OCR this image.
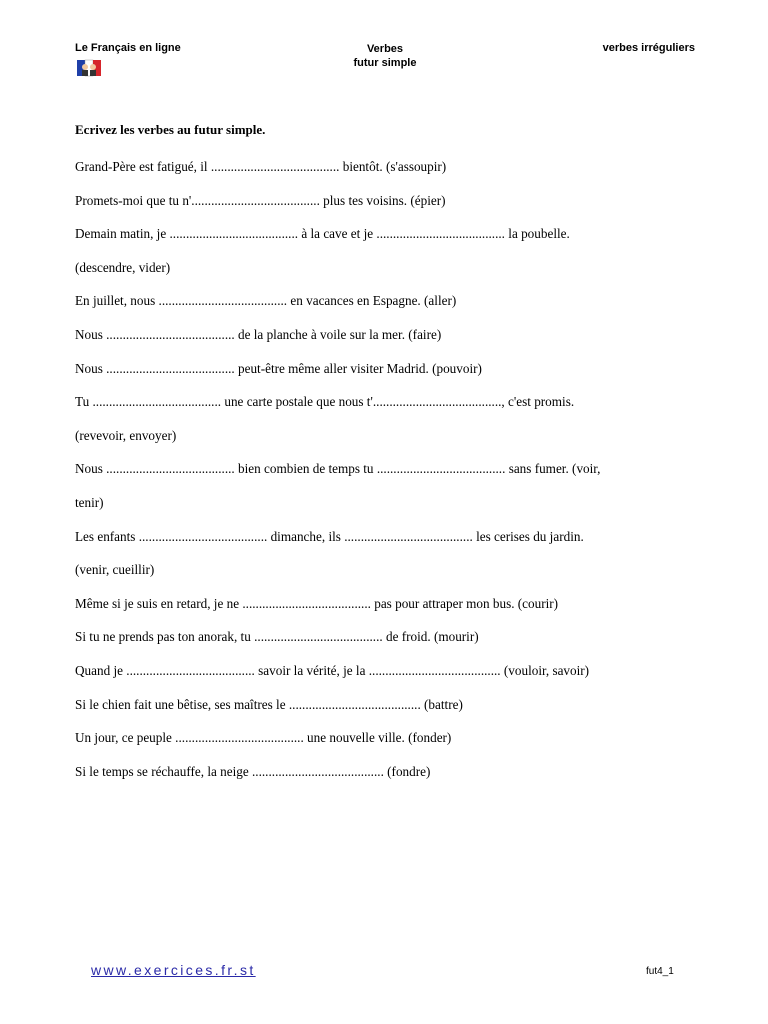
Le Français en ligne	Verbes
futur simple
verbes irréguliers
Ecrivez les verbes au futur simple.

Grand-Père est fatigué, il ....................................... bientôt. (s'assoupir)

Promets-moi que tu n'....................................... plus tes voisins. (épier)

Demain matin, je ....................................... à la cave et je ....................................... la poubelle.

(descendre, vider)

En juillet, nous ....................................... en vacances en Espagne. (aller)

Nous ....................................... de la planche à voile sur la mer. (faire)

Nous ....................................... peut-être même aller visiter Madrid. (pouvoir)

Tu ....................................... une carte postale que nous t'......................................., c'est promis.

(revevoir, envoyer)

Nous ....................................... bien combien de temps tu ....................................... sans fumer. (voir,

tenir)

Les enfants ....................................... dimanche, ils ....................................... les cerises du jardin.

(venir, cueillir)

Même si je suis en retard, je ne ....................................... pas pour attraper mon bus. (courir)

Si tu ne prends pas ton anorak, tu ....................................... de froid. (mourir)

Quand je ....................................... savoir la vérité, je la ........................................ (vouloir, savoir)

Si le chien fait une bêtise, ses maîtres le ........................................ (battre)

Un jour, ce peuple ....................................... une nouvelle ville. (fonder)

Si le temps se réchauffe, la neige ........................................ (fondre)

www.exercices.fr.st	fut4_1
